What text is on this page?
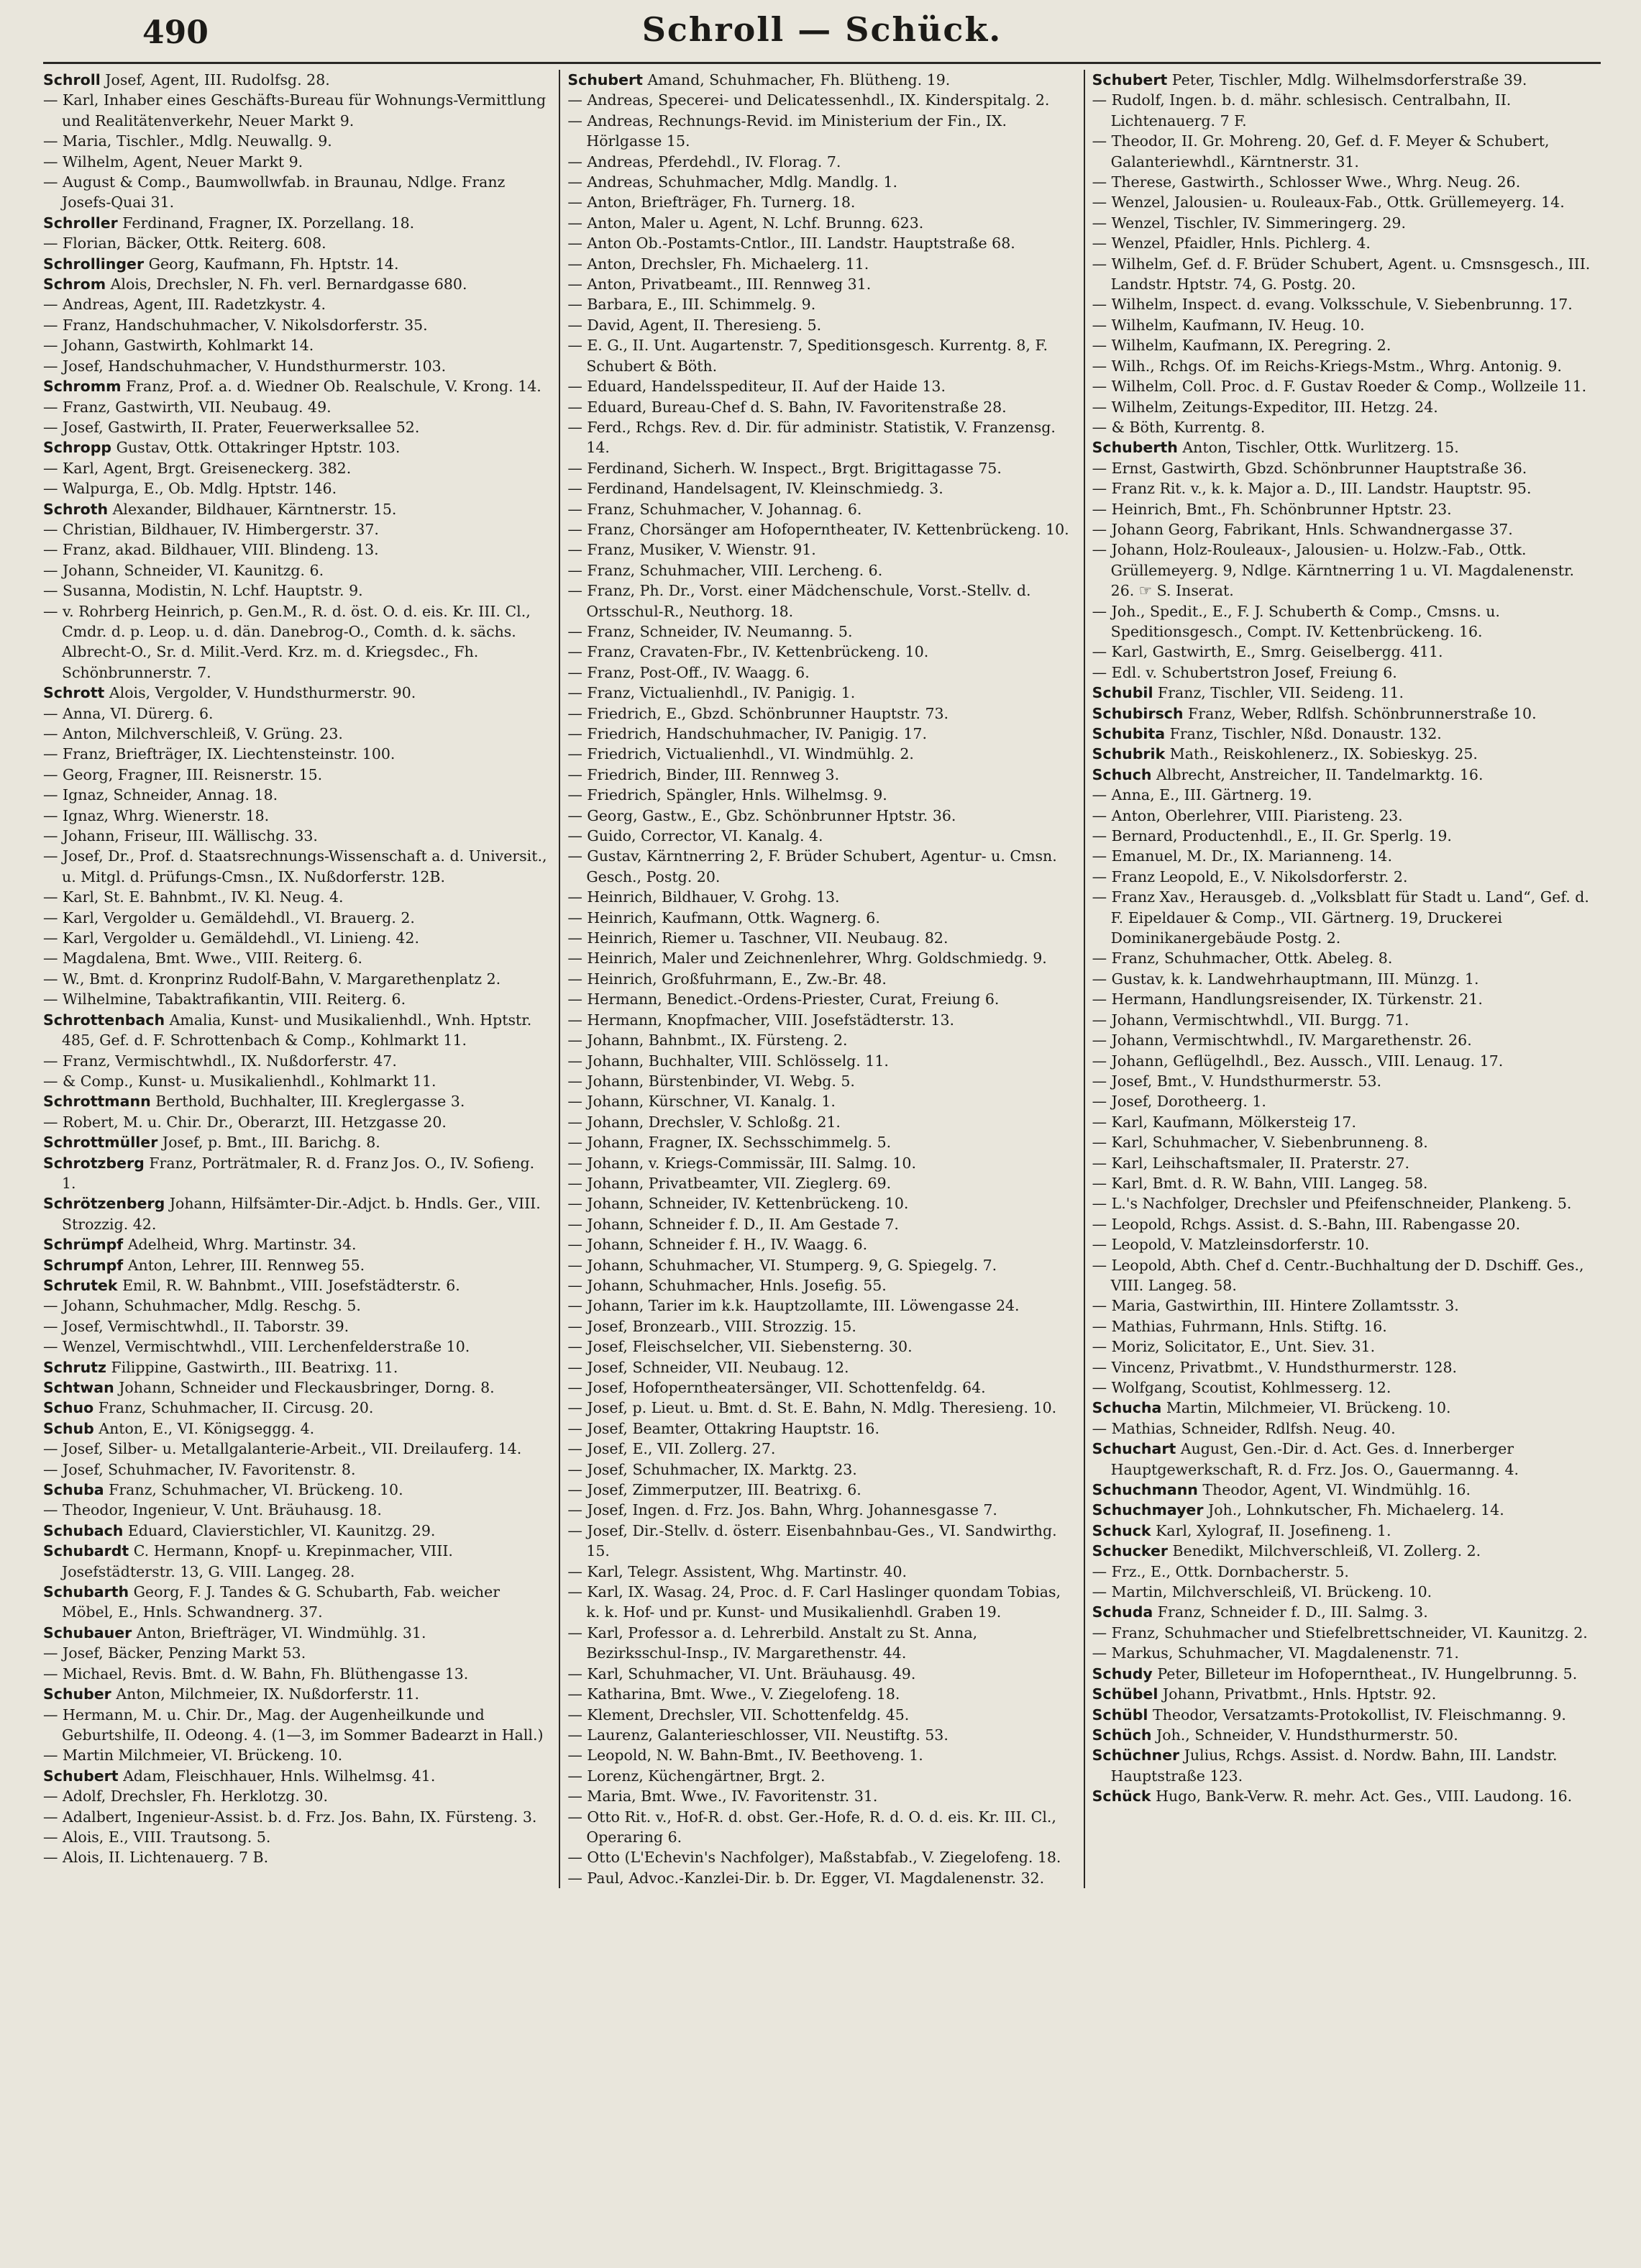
490	Schroll — Schück.
Schroll Josef, Agent, III. Rudolfsg. 28.
— Karl, Inhaber eines Geschäfts-Bureau für Wohnungs-Vermittlung und Realitätenverkehr, Neuer Markt 9.
— Maria, Tischler., Mdlg. Neuwallg. 9.
— Wilhelm, Agent, Neuer Markt 9.
— August & Comp., Baumwollwfab. in Braunau, Ndlge. Franz Josefs-Quai 31.
Schroller Ferdinand, Fragner, IX. Porzellang. 18.
— Florian, Bäcker, Ottk. Reiterg. 608.
Schrollinger Georg, Kaufmann, Fh. Hptstr. 14.
Schrom Alois, Drechsler, N. Fh. verl. Bernardgasse 680.
— Andreas, Agent, III. Radetzkystr. 4.
— Franz, Handschuhmacher, V. Nikolsdorferstr. 35.
— Johann, Gastwirth, Kohlmarkt 14.
— Josef, Handschuhmacher, V. Hundsthurmerstr. 103.
Schromm Franz, Prof. a. d. Wiedner Ob. Realschule, V. Krong. 14.
— Franz, Gastwirth, VII. Neubaug. 49.
— Josef, Gastwirth, II. Prater, Feuerwerksallee 52.
Schropp Gustav, Ottk. Ottakringer Hptstr. 103.
— Karl, Agent, Brgt. Greiseneckerg. 382.
— Walpurga, E., Ob. Mdlg. Hptstr. 146.
Schroth Alexander, Bildhauer, Kärntnerstr. 15.
— Christian, Bildhauer, IV. Himbergerstr. 37.
— Franz, akad. Bildhauer, VIII. Blindeng. 13.
— Johann, Schneider, VI. Kaunitzg. 6.
— Susanna, Modistin, N. Lchf. Hauptstr. 9.
— v. Rohrberg Heinrich, p. Gen.M., R. d. öst. O. d. eis. Kr. III. Cl., Cmdr. d. p. Leop. u. d. dän. Danebrog-O., Comth. d. k. sächs. Albrecht-O., Sr. d. Milit.-Verd. Krz. m. d. Kriegsdec., Fh. Schönbrunnerstr. 7.
Schrott Alois, Vergolder, V. Hundsthurmerstr. 90.
— Anna, VI. Dürerg. 6.
— Anton, Milchverschleiß, V. Grüng. 23.
— Franz, Briefträger, IX. Liechtensteinstr. 100.
— Georg, Fragner, III. Reisnerstr. 15.
— Ignaz, Schneider, Annag. 18.
— Ignaz, Whrg. Wienerstr. 18.
— Johann, Friseur, III. Wällischg. 33.
— Josef, Dr., Prof. d. Staatsrechnungs-Wissenschaft a. d. Universit., u. Mitgl. d. Prüfungs-Cmsn., IX. Nußdorferstr. 12B.
— Karl, St. E. Bahnbmt., IV. Kl. Neug. 4.
— Karl, Vergolder u. Gemäldehdl., VI. Brauerg. 2.
— Karl, Vergolder u. Gemäldehdl., VI. Linieng. 42.
— Magdalena, Bmt. Wwe., VIII. Reiterg. 6.
— W., Bmt. d. Kronprinz Rudolf-Bahn, V. Margarethenplatz 2.
— Wilhelmine, Tabaktrafikantin, VIII. Reiterg. 6.
Schrottenbach Amalia, Kunst- und Musikalienhdl., Wnh. Hptstr. 485, Gef. d. F. Schrottenbach & Comp., Kohlmarkt 11.
— Franz, Vermischtwhdl., IX. Nußdorferstr. 47.
— & Comp., Kunst- u. Musikalienhdl., Kohlmarkt 11.
Schrottmann Berthold, Buchhalter, III. Kreglergasse 3.
— Robert, M. u. Chir. Dr., Oberarzt, III. Hetzgasse 20.
Schrottmüller Josef, p. Bmt., III. Barichg. 8.
Schrotzberg Franz, Porträtmaler, R. d. Franz Jos. O., IV. Sofieng. 1.
Schrötzenberg Johann, Hilfsämter-Dir.-Adjct. b. Hndls. Ger., VIII. Strozzig. 42.
Schrümpf Adelheid, Whrg. Martinstr. 34.
Schrumpf Anton, Lehrer, III. Rennweg 55.
Schrutek Emil, R. W. Bahnbmt., VIII. Josefstädterstr. 6.
— Johann, Schuhmacher, Mdlg. Reschg. 5.
— Josef, Vermischtwhdl., II. Taborstr. 39.
— Wenzel, Vermischtwhdl., VIII. Lerchenfelderstraße 10.
Schrutz Filippine, Gastwirth., III. Beatrixg. 11.
Schtwan Johann, Schneider und Fleckausbringer, Dorng. 8.
Schuo Franz, Schuhmacher, II. Circusg. 20.
Schub Anton, E., VI. Königseggg. 4.
— Josef, Silber- u. Metallgalanterie-Arbeit., VII. Dreilauferg. 14.
— Josef, Schuhmacher, IV. Favoritenstr. 8.
Schuba Franz, Schuhmacher, VI. Brückeng. 10.
— Theodor, Ingenieur, V. Unt. Bräuhausg. 18.
Schubach Eduard, Clavierstichler, VI. Kaunitzg. 29.
Schubardt C. Hermann, Knopf- u. Krepinmacher, VIII. Josefstädterstr. 13, G. VIII. Langeg. 28.
Schubarth Georg, F. J. Tandes & G. Schubarth, Fab. weicher Möbel, E., Hnls. Schwandnerg. 37.
Schubauer Anton, Briefträger, VI. Windmühlg. 31.
— Josef, Bäcker, Penzing Markt 53.
— Michael, Revis. Bmt. d. W. Bahn, Fh. Blüthengasse 13.
Schuber Anton, Milchmeier, IX. Nußdorferstr. 11.
— Hermann, M. u. Chir. Dr., Mag. der Augenheilkunde und Geburtshilfe, II. Odeong. 4. (1—3, im Sommer Badearzt in Hall.)
— Martin Milchmeier, VI. Brückeng. 10.
Schubert Adam, Fleischhauer, Hnls. Wilhelmsg. 41.
— Adolf, Drechsler, Fh. Herklotzg. 30.
— Adalbert, Ingenieur-Assist. b. d. Frz. Jos. Bahn, IX. Fürsteng. 3.
— Alois, E., VIII. Trautsong. 5.
— Alois, II. Lichtenauerg. 7 B.
Schubert Amand, Schuhmacher, Fh. Blütheng. 19.
— Andreas, Specerei- und Delicatessenhdl., IX. Kinderspitalg. 2.
— Andreas, Rechnungs-Revid. im Ministerium der Fin., IX. Hörlgasse 15.
— Andreas, Pferdehdl., IV. Florag. 7.
— Andreas, Schuhmacher, Mdlg. Mandlg. 1.
— Anton, Briefträger, Fh. Turnerg. 18.
— Anton, Maler u. Agent, N. Lchf. Brunng. 623.
— Anton Ob.-Postamts-Cntlor., III. Landstr. Hauptstraße 68.
— Anton, Drechsler, Fh. Michaelerg. 11.
— Anton, Privatbeamt., III. Rennweg 31.
— Barbara, E., III. Schimmelg. 9.
— David, Agent, II. Theresieng. 5.
— E. G., II. Unt. Augartenstr. 7, Speditionsgesch. Kurrentg. 8, F. Schubert & Böth.
— Eduard, Handelsspediteur, II. Auf der Haide 13.
— Eduard, Bureau-Chef d. S. Bahn, IV. Favoritenstraße 28.
— Ferd., Rchgs. Rev. d. Dir. für administr. Statistik, V. Franzensg. 14.
— Ferdinand, Sicherh. W. Inspect., Brgt. Brigittagasse 75.
— Ferdinand, Handelsagent, IV. Kleinschmiedg. 3.
— Franz, Schuhmacher, V. Johannag. 6.
— Franz, Chorsänger am Hofoperntheater, IV. Kettenbrückeng. 10.
— Franz, Musiker, V. Wienstr. 91.
— Franz, Schuhmacher, VIII. Lercheng. 6.
— Franz, Ph. Dr., Vorst. einer Mädchenschule, Vorst.-Stellv. d. Ortsschul-R., Neuthorg. 18.
— Franz, Schneider, IV. Neumanng. 5.
— Franz, Cravaten-Fbr., IV. Kettenbrückeng. 10.
— Franz, Post-Off., IV. Waagg. 6.
— Franz, Victualienhdl., IV. Panigig. 1.
— Friedrich, E., Gbzd. Schönbrunner Hauptstr. 73.
— Friedrich, Handschuhmacher, IV. Panigig. 17.
— Friedrich, Victualienhdl., VI. Windmühlg. 2.
— Friedrich, Binder, III. Rennweg 3.
— Friedrich, Spängler, Hnls. Wilhelmsg. 9.
— Georg, Gastw., E., Gbz. Schönbrunner Hptstr. 36.
— Guido, Corrector, VI. Kanalg. 4.
— Gustav, Kärntnerring 2, F. Brüder Schubert, Agentur- u. Cmsn. Gesch., Postg. 20.
— Heinrich, Bildhauer, V. Grohg. 13.
— Heinrich, Kaufmann, Ottk. Wagnerg. 6.
— Heinrich, Riemer u. Taschner, VII. Neubaug. 82.
— Heinrich, Maler und Zeichnenlehrer, Whrg. Goldschmiedg. 9.
— Heinrich, Großfuhrmann, E., Zw.-Br. 48.
— Hermann, Benedict.-Ordens-Priester, Curat, Freiung 6.
— Hermann, Knopfmacher, VIII. Josefstädterstr. 13.
— Johann, Bahnbmt., IX. Fürsteng. 2.
— Johann, Buchhalter, VIII. Schlösselg. 11.
— Johann, Bürstenbinder, VI. Webg. 5.
— Johann, Kürschner, VI. Kanalg. 1.
— Johann, Drechsler, V. Schloßg. 21.
— Johann, Fragner, IX. Sechsschimmelg. 5.
— Johann, v. Kriegs-Commissär, III. Salmg. 10.
— Johann, Privatbeamter, VII. Zieglerg. 69.
— Johann, Schneider, IV. Kettenbrückeng. 10.
— Johann, Schneider f. D., II. Am Gestade 7.
— Johann, Schneider f. H., IV. Waagg. 6.
— Johann, Schuhmacher, VI. Stumperg. 9, G. Spiegelg. 7.
— Johann, Schuhmacher, Hnls. Josefig. 55.
— Johann, Tarier im k.k. Hauptzollamte, III. Löwengasse 24.
— Josef, Bronzearb., VIII. Strozzig. 15.
— Josef, Fleischselcher, VII. Siebensterng. 30.
— Josef, Schneider, VII. Neubaug. 12.
— Josef, Hofoperntheatersänger, VII. Schottenfeldg. 64.
— Josef, p. Lieut. u. Bmt. d. St. E. Bahn, N. Mdlg. Theresieng. 10.
— Josef, Beamter, Ottakring Hauptstr. 16.
— Josef, E., VII. Zollerg. 27.
— Josef, Schuhmacher, IX. Marktg. 23.
— Josef, Zimmerputzer, III. Beatrixg. 6.
— Josef, Ingen. d. Frz. Jos. Bahn, Whrg. Johannesgasse 7.
— Josef, Dir.-Stellv. d. österr. Eisenbahnbau-Ges., VI. Sandwirthg. 15.
— Karl, Telegr. Assistent, Whg. Martinstr. 40.
— Karl, IX. Wasag. 24, Proc. d. F. Carl Haslinger quondam Tobias, k. k. Hof- und pr. Kunst- und Musikalienhdl. Graben 19.
— Karl, Professor a. d. Lehrerbild. Anstalt zu St. Anna, Bezirksschul-Insp., IV. Margarethenstr. 44.
— Karl, Schuhmacher, VI. Unt. Bräuhausg. 49.
— Katharina, Bmt. Wwe., V. Ziegelofeng. 18.
— Klement, Drechsler, VII. Schottenfeldg. 45.
— Laurenz, Galanterieschlosser, VII. Neustiftg. 53.
— Leopold, N. W. Bahn-Bmt., IV. Beethoveng. 1.
— Lorenz, Küchengärtner, Brgt. 2.
— Maria, Bmt. Wwe., IV. Favoritenstr. 31.
— Otto Rit. v., Hof-R. d. obst. Ger.-Hofe, R. d. O. d. eis. Kr. III. Cl., Operaring 6.
— Otto (L'Echevin's Nachfolger), Maßstabfab., V. Ziegelofeng. 18.
— Paul, Advoc.-Kanzlei-Dir. b. Dr. Egger, VI. Magdalenenstr. 32.
Schubert Peter, Tischler, Mdlg. Wilhelmsdorferstraße 39.
— Rudolf, Ingen. b. d. mähr. schlesisch. Centralbahn, II. Lichtenauerg. 7 F.
— Theodor, II. Gr. Mohreng. 20, Gef. d. F. Meyer & Schubert, Galanteriewhdl., Kärntnerstr. 31.
— Therese, Gastwirth., Schlosser Wwe., Whrg. Neug. 26.
— Wenzel, Jalousien- u. Rouleaux-Fab., Ottk. Grüllemeyerg. 14.
— Wenzel, Tischler, IV. Simmeringerg. 29.
— Wenzel, Pfaidler, Hnls. Pichlerg. 4.
— Wilhelm, Gef. d. F. Brüder Schubert, Agent. u. Cmsnsgesch., III. Landstr. Hptstr. 74, G. Postg. 20.
— Wilhelm, Inspect. d. evang. Volksschule, V. Siebenbrunng. 17.
— Wilhelm, Kaufmann, IV. Heug. 10.
— Wilhelm, Kaufmann, IX. Peregring. 2.
— Wilh., Rchgs. Of. im Reichs-Kriegs-Mstm., Whrg. Antonig. 9.
— Wilhelm, Coll. Proc. d. F. Gustav Roeder & Comp., Wollzeile 11.
— Wilhelm, Zeitungs-Expeditor, III. Hetzg. 24.
— & Böth, Kurrentg. 8.
Schuberth Anton, Tischler, Ottk. Wurlitzerg. 15.
— Ernst, Gastwirth, Gbzd. Schönbrunner Hauptstraße 36.
— Franz Rit. v., k. k. Major a. D., III. Landstr. Hauptstr. 95.
— Heinrich, Bmt., Fh. Schönbrunner Hptstr. 23.
— Johann Georg, Fabrikant, Hnls. Schwandnergasse 37.
— Johann, Holz-Rouleaux-, Jalousien- u. Holzw.-Fab., Ottk. Grüllemeyerg. 9, Ndlge. Kärntnerring 1 u. VI. Magdalenenstr. 26. ☞ S. Inserat.
— Joh., Spedit., E., F. J. Schuberth & Comp., Cmsns. u. Speditionsgesch., Compt. IV. Kettenbrückeng. 16.
— Karl, Gastwirth, E., Smrg. Geiselbergg. 411.
— Edl. v. Schubertstron Josef, Freiung 6.
Schubil Franz, Tischler, VII. Seideng. 11.
Schubirsch Franz, Weber, Rdlfsh. Schönbrunnerstraße 10.
Schubita Franz, Tischler, Nßd. Donaustr. 132.
Schubrik Math., Reiskohlenerz., IX. Sobieskyg. 25.
Schuch Albrecht, Anstreicher, II. Tandelmarktg. 16.
— Anna, E., III. Gärtnerg. 19.
— Anton, Oberlehrer, VIII. Piaristeng. 23.
— Bernard, Productenhdl., E., II. Gr. Sperlg. 19.
— Emanuel, M. Dr., IX. Marianneng. 14.
— Franz Leopold, E., V. Nikolsdorferstr. 2.
— Franz Xav., Herausgeb. d. „Volksblatt für Stadt u. Land“, Gef. d. F. Eipeldauer & Comp., VII. Gärtnerg. 19, Druckerei Dominikanergebäude Postg. 2.
— Franz, Schuhmacher, Ottk. Abeleg. 8.
— Gustav, k. k. Landwehrhauptmann, III. Münzg. 1.
— Hermann, Handlungsreisender, IX. Türkenstr. 21.
— Johann, Vermischtwhdl., VII. Burgg. 71.
— Johann, Vermischtwhdl., IV. Margarethenstr. 26.
— Johann, Geflügelhdl., Bez. Aussch., VIII. Lenaug. 17.
— Josef, Bmt., V. Hundsthurmerstr. 53.
— Josef, Dorotheerg. 1.
— Karl, Kaufmann, Mölkersteig 17.
— Karl, Schuhmacher, V. Siebenbrunneng. 8.
— Karl, Leihschaftsmaler, II. Praterstr. 27.
— Karl, Bmt. d. R. W. Bahn, VIII. Langeg. 58.
— L.'s Nachfolger, Drechsler und Pfeifenschneider, Plankeng. 5.
— Leopold, Rchgs. Assist. d. S.-Bahn, III. Rabengasse 20.
— Leopold, V. Matzleinsdorferstr. 10.
— Leopold, Abth. Chef d. Centr.-Buchhaltung der D. Dschiff. Ges., VIII. Langeg. 58.
— Maria, Gastwirthin, III. Hintere Zollamtsstr. 3.
— Mathias, Fuhrmann, Hnls. Stiftg. 16.
— Moriz, Solicitator, E., Unt. Siev. 31.
— Vincenz, Privatbmt., V. Hundsthurmerstr. 128.
— Wolfgang, Scoutist, Kohlmesserg. 12.
Schucha Martin, Milchmeier, VI. Brückeng. 10.
— Mathias, Schneider, Rdlfsh. Neug. 40.
Schuchart August, Gen.-Dir. d. Act. Ges. d. Innerberger Hauptgewerkschaft, R. d. Frz. Jos. O., Gauermanng. 4.
Schuchmann Theodor, Agent, VI. Windmühlg. 16.
Schuchmayer Joh., Lohnkutscher, Fh. Michaelerg. 14.
Schuck Karl, Xylograf, II. Josefineng. 1.
Schucker Benedikt, Milchverschleiß, VI. Zollerg. 2.
— Frz., E., Ottk. Dornbacherstr. 5.
— Martin, Milchverschleiß, VI. Brückeng. 10.
Schuda Franz, Schneider f. D., III. Salmg. 3.
— Franz, Schuhmacher und Stiefelbrettschneider, VI. Kaunitzg. 2.
— Markus, Schuhmacher, VI. Magdalenenstr. 71.
Schudy Peter, Billeteur im Hofoperntheat., IV. Hungelbrunng. 5.
Schübel Johann, Privatbmt., Hnls. Hptstr. 92.
Schübl Theodor, Versatzamts-Protokollist, IV. Fleischmanng. 9.
Schüch Joh., Schneider, V. Hundsthurmerstr. 50.
Schüchner Julius, Rchgs. Assist. d. Nordw. Bahn, III. Landstr. Hauptstraße 123.
Schück Hugo, Bank-Verw. R. mehr. Act. Ges., VIII. Laudong. 16.
